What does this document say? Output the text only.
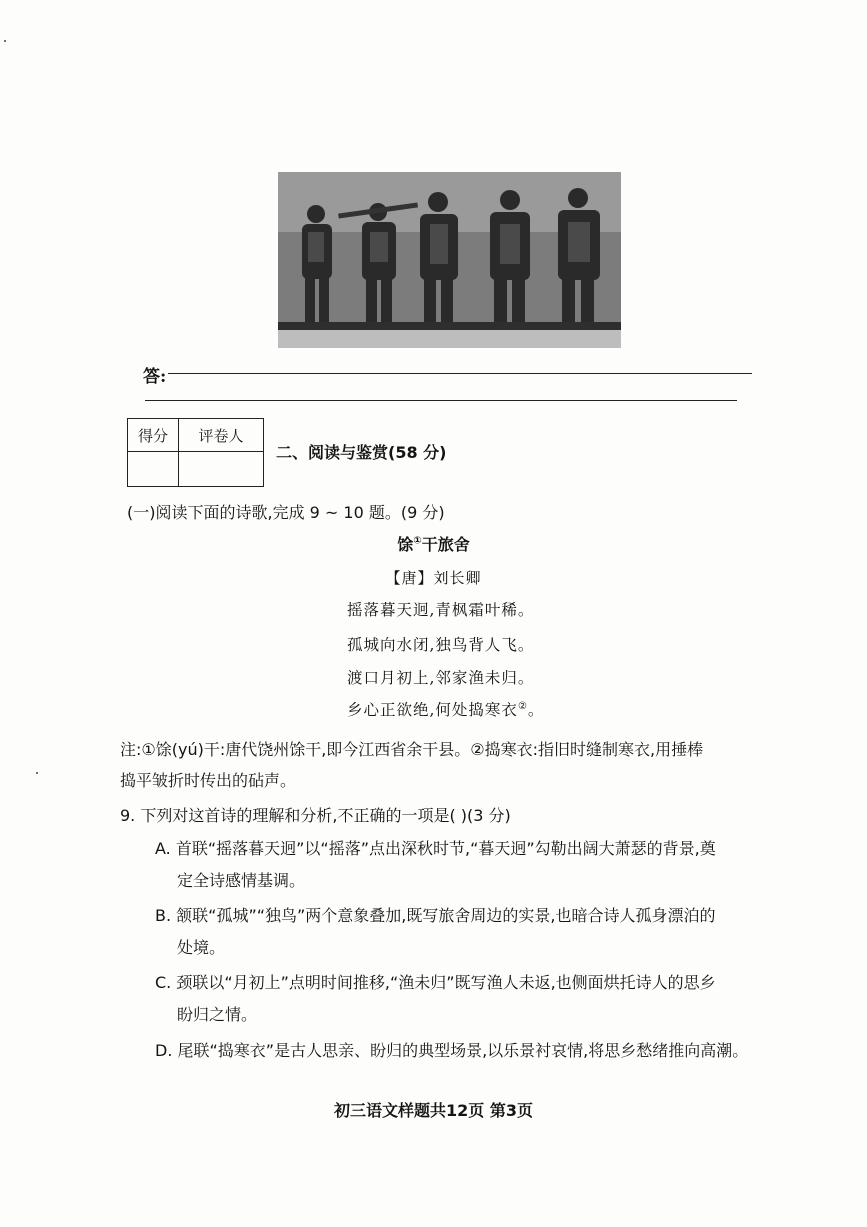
答:
得分	评卷人

二、阅读与鉴赏(58 分)
(一)阅读下面的诗歌,完成 9 ~ 10 题。(9 分)
馀①干旅舍
【唐】刘长卿
摇落暮天迥,青枫霜叶稀。
孤城向水闭,独鸟背人飞。
渡口月初上,邻家渔未归。
乡心正欲绝,何处捣寒衣②。
注:①馀(yú)干:唐代饶州馀干,即今江西省余干县。②捣寒衣:指旧时缝制寒衣,用捶棒
捣平皱折时传出的砧声。
9. 下列对这首诗的理解和分析,不正确的一项是( )(3 分)
A. 首联“摇落暮天迥”以“摇落”点出深秋时节,“暮天迥”勾勒出阔大萧瑟的背景,奠
定全诗感情基调。
B. 颔联“孤城”“独鸟”两个意象叠加,既写旅舍周边的实景,也暗合诗人孤身漂泊的
处境。
C. 颈联以“月初上”点明时间推移,“渔未归”既写渔人未返,也侧面烘托诗人的思乡
盼归之情。
D. 尾联“捣寒衣”是古人思亲、盼归的典型场景,以乐景衬哀情,将思乡愁绪推向高潮。
初三语文样题共12页 第3页
